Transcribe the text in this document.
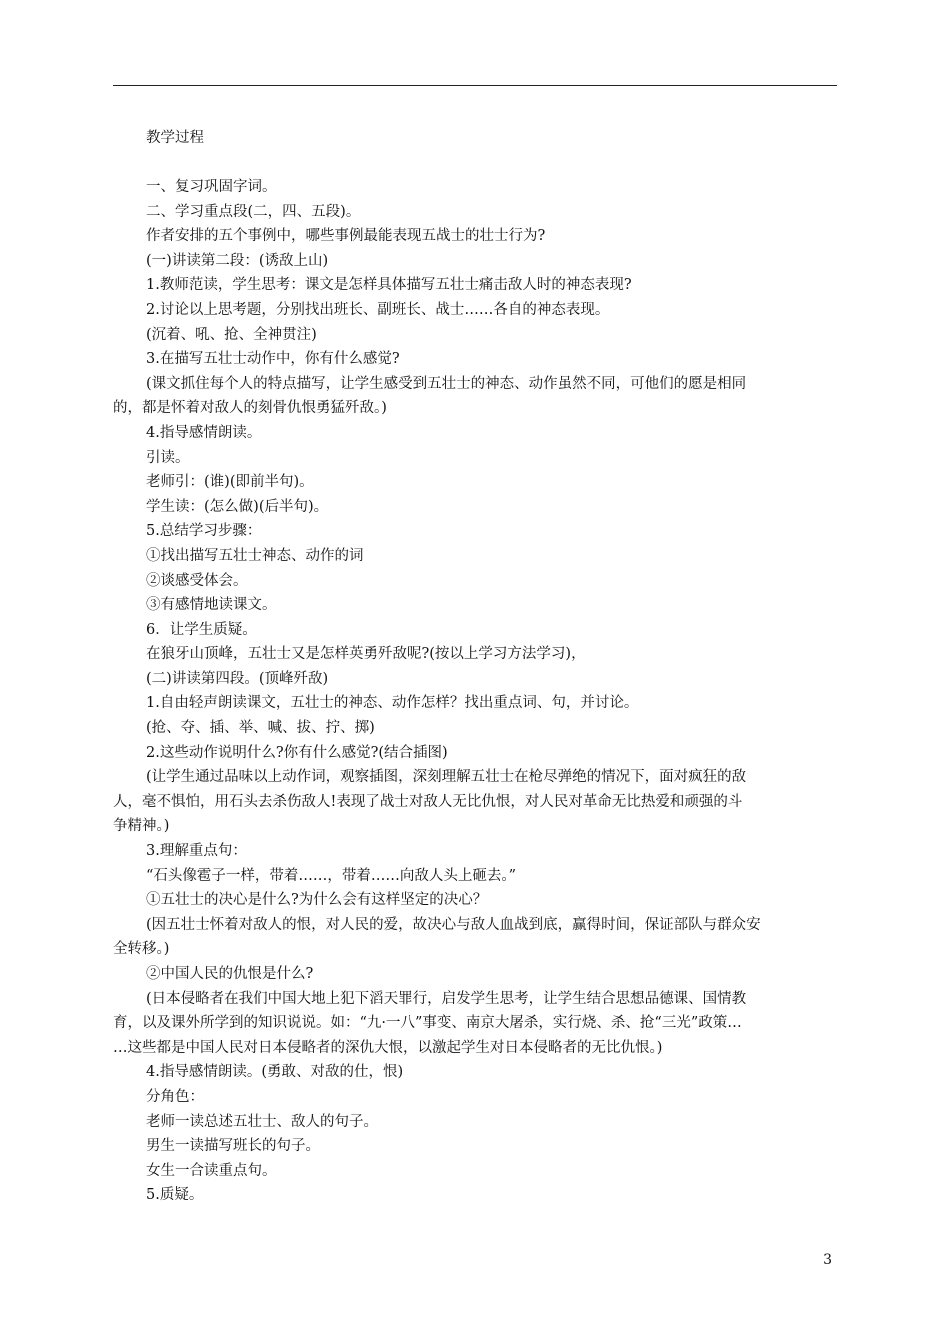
教学过程
一、复习巩固字词。
二、学习重点段(二，四、五段)。
作者安排的五个事例中，哪些事例最能表现五战士的壮士行为?
(一)讲读第二段：(诱敌上山)
1.教师范读，学生思考：课文是怎样具体描写五壮士痛击敌人时的神态表现?
2.讨论以上思考题，分别找出班长、副班长、战士……各自的神态表现。
(沉着、吼、抢、全神贯注)
3.在描写五壮士动作中，你有什么感觉?
(课文抓住每个人的特点描写，让学生感受到五壮士的神态、动作虽然不同，可他们的愿是相同
的，都是怀着对敌人的刻骨仇恨勇猛歼敌。)
4.指导感情朗读。
引读。
老师引：(谁)(即前半句)。
学生读：(怎么做)(后半句)。
5.总结学习步骤：
①找出描写五壮士神态、动作的词
②谈感受体会。
③有感情地读课文。
6．让学生质疑。
在狼牙山顶峰，五壮士又是怎样英勇歼敌呢?(按以上学习方法学习)，
(二)讲读第四段。(顶峰歼敌)
1.自由轻声朗读课文，五壮士的神态、动作怎样？找出重点词、句，并讨论。
(抢、夺、插、举、喊、拔、拧、掷)
2.这些动作说明什么?你有什么感觉?(结合插图)
(让学生通过品味以上动作词，观察插图，深刻理解五壮士在枪尽弹绝的情况下，面对疯狂的敌
人，毫不惧怕，用石头去杀伤敌人!表现了战士对敌人无比仇恨，对人民对革命无比热爱和顽强的斗
争精神。)
3.理解重点句：
“石头像雹子一样，带着……，带着……向敌人头上砸去。”
①五壮士的决心是什么?为什么会有这样坚定的决心？
(因五壮士怀着对敌人的恨，对人民的爱，故决心与敌人血战到底，赢得时间，保证部队与群众安
全转移。)
②中国人民的仇恨是什么?
(日本侵略者在我们中国大地上犯下滔天罪行，启发学生思考，让学生结合思想品德课、国情教
育，以及课外所学到的知识说说。如：“九·一八”事变、南京大屠杀，实行烧、杀、抢“三光”政策…
…这些都是中国人民对日本侵略者的深仇大恨，以激起学生对日本侵略者的无比仇恨。)
4.指导感情朗读。(勇敢、对敌的仕，恨)
分角色：
老师一读总述五壮士、敌人的句子。
男生一读描写班长的句子。
女生一合读重点句。
5.质疑。
3
